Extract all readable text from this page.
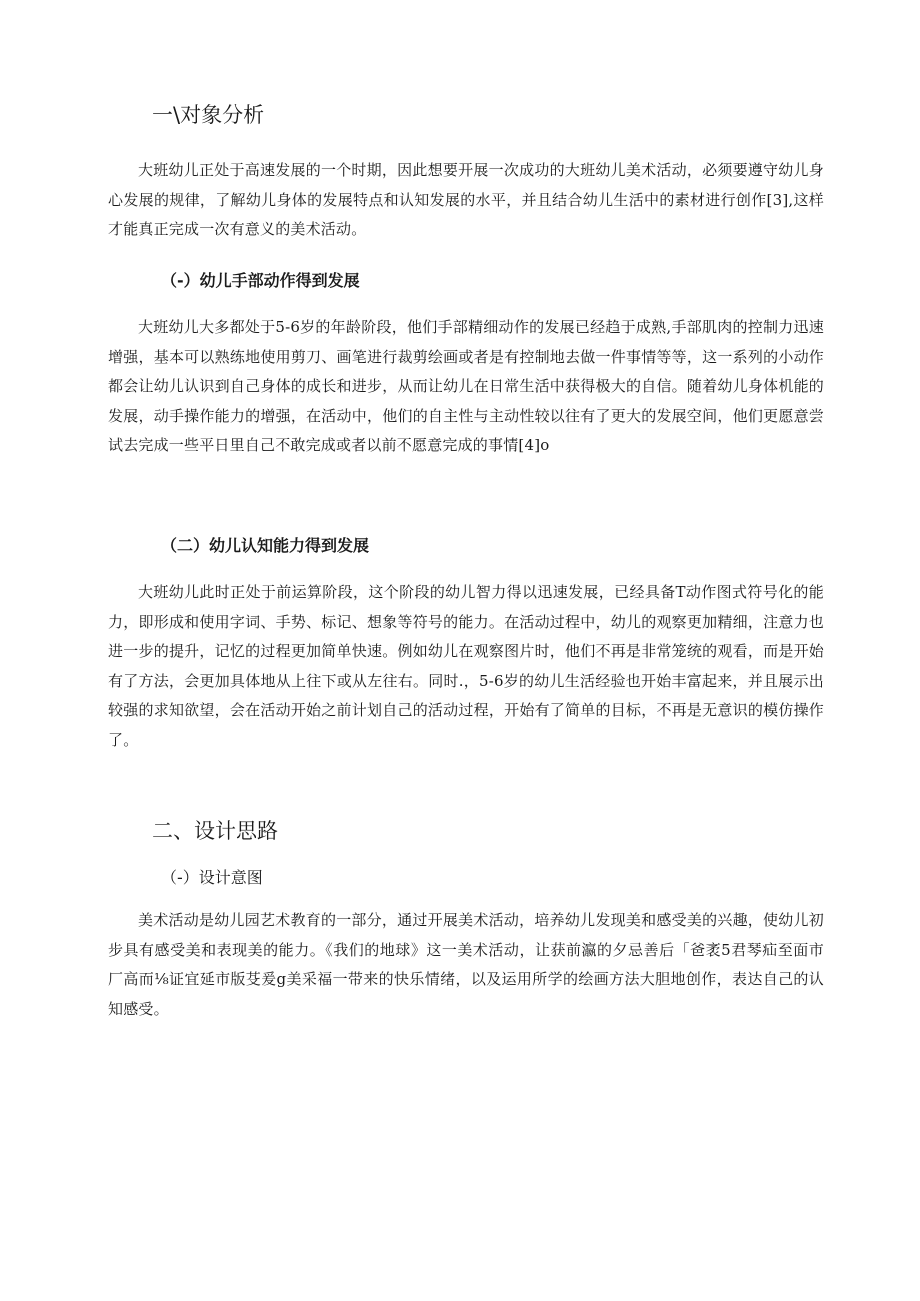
一\对象分析

大班幼儿正处于高速发展的一个时期，因此想要开展一次成功的大班幼儿美术活动，必须要遵守幼儿身心发展的规律，了解幼儿身体的发展特点和认知发展的水平，并且结合幼儿生活中的素材进行创作[3],这样才能真正完成一次有意义的美术活动。

（-）幼儿手部动作得到发展

大班幼儿大多都处于5-6岁的年龄阶段，他们手部精细动作的发展已经趋于成熟,手部肌肉的控制力迅速增强，基本可以熟练地使用剪刀、画笔进行裁剪绘画或者是有控制地去做一件事情等等，这一系列的小动作都会让幼儿认识到自己身体的成长和进步，从而让幼儿在日常生活中获得极大的自信。随着幼儿身体机能的发展，动手操作能力的增强，在活动中，他们的自主性与主动性较以往有了更大的发展空间，他们更愿意尝试去完成一些平日里自己不敢完成或者以前不愿意完成的事情[4]o

（二）幼儿认知能力得到发展

大班幼儿此时正处于前运算阶段，这个阶段的幼儿智力得以迅速发展，已经具备T动作图式符号化的能力，即形成和使用字词、手势、标记、想象等符号的能力。在活动过程中，幼儿的观察更加精细，注意力也进一步的提升，记忆的过程更加简单快速。例如幼儿在观察图片时，他们不再是非常笼统的观看，而是开始有了方法，会更加具体地从上往下或从左往右。同时.，5-6岁的幼儿生活经验也开始丰富起来，并且展示出较强的求知欲望，会在活动开始之前计划自己的活动过程，开始有了简单的目标，不再是无意识的模仿操作了。

二、设计思路
（-）设计意图

美术活动是幼儿园艺术教育的一部分，通过开展美术活动，培养幼儿发现美和感受美的兴趣，使幼儿初步具有感受美和表现美的能力。《我们的地球》这一美术活动，让获前瀛的夕忌善后「爸袤5君琴疝至面市厂高而⅛证宜延市版芟爰g美采福一带来的快乐情绪，以及运用所学的绘画方法大胆地创作，表达自己的认知感受。
